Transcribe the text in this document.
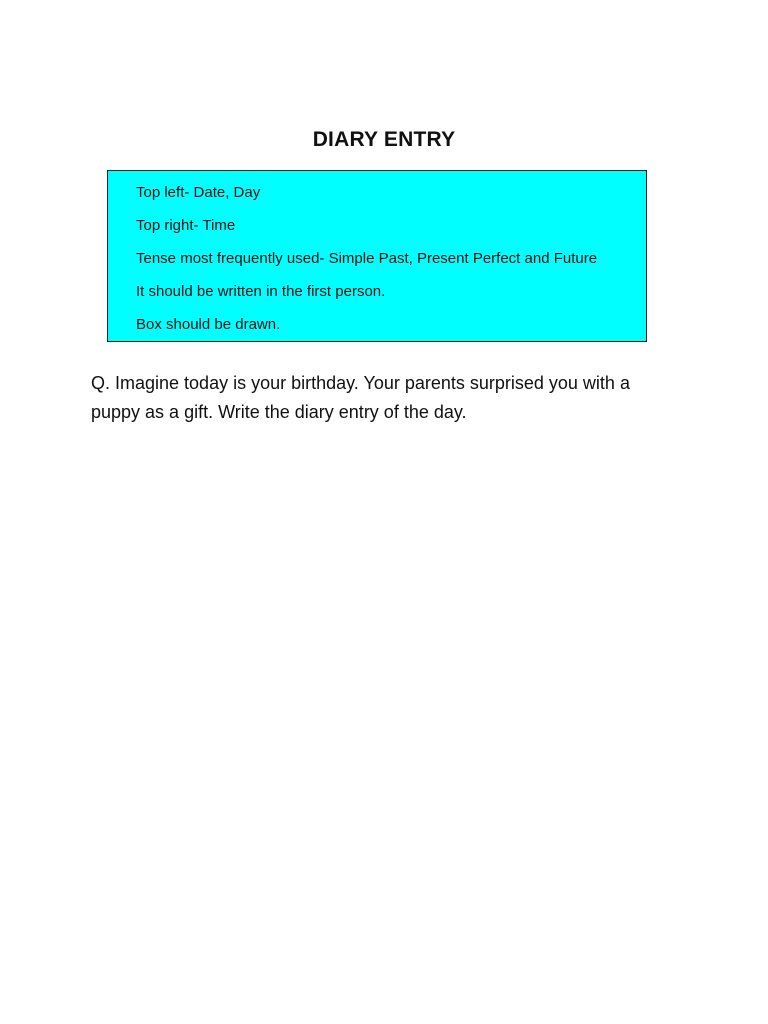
DIARY ENTRY
Top left- Date, Day
Top right- Time
Tense most frequently used- Simple Past, Present Perfect and Future
It should be written in the first person.
Box should be drawn.
Q. Imagine today is your birthday. Your parents surprised you with a puppy as a gift. Write the diary entry of the day.
